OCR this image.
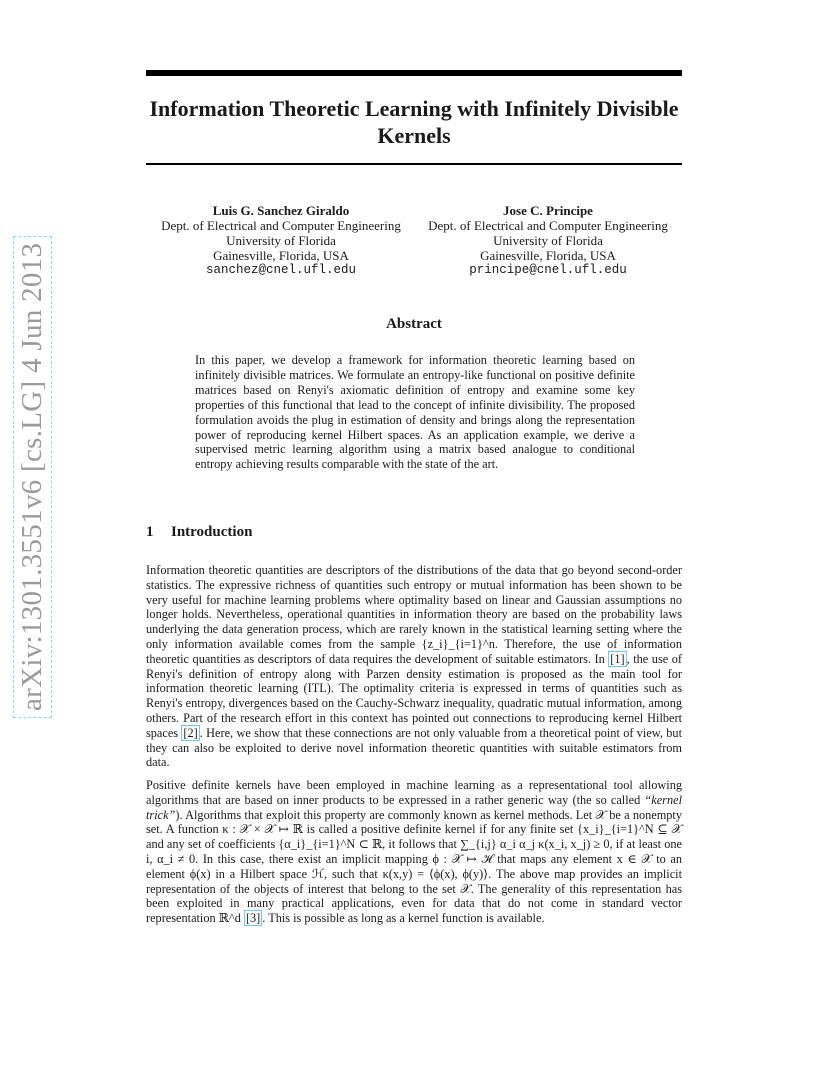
arXiv:1301.3551v6 [cs.LG] 4 Jun 2013
Information Theoretic Learning with Infinitely Divisible Kernels
Luis G. Sanchez Giraldo
Dept. of Electrical and Computer Engineering
University of Florida
Gainesville, Florida, USA
sanchez@cnel.ufl.edu
Jose C. Principe
Dept. of Electrical and Computer Engineering
University of Florida
Gainesville, Florida, USA
principe@cnel.ufl.edu
Abstract
In this paper, we develop a framework for information theoretic learning based on infinitely divisible matrices. We formulate an entropy-like functional on positive definite matrices based on Renyi's axiomatic definition of entropy and examine some key properties of this functional that lead to the concept of infinite divisibility. The proposed formulation avoids the plug in estimation of density and brings along the representation power of reproducing kernel Hilbert spaces. As an application example, we derive a supervised metric learning algorithm using a matrix based analogue to conditional entropy achieving results comparable with the state of the art.
1 Introduction
Information theoretic quantities are descriptors of the distributions of the data that go beyond second-order statistics. The expressive richness of quantities such entropy or mutual information has been shown to be very useful for machine learning problems where optimality based on linear and Gaussian assumptions no longer holds. Nevertheless, operational quantities in information theory are based on the probability laws underlying the data generation process, which are rarely known in the statistical learning setting where the only information available comes from the sample {z_i}_{i=1}^n. Therefore, the use of information theoretic quantities as descriptors of data requires the development of suitable estimators. In [1] , the use of Renyi's definition of entropy along with Parzen density estimation is proposed as the main tool for information theoretic learning (ITL). The optimality criteria is expressed in terms of quantities such as Renyi's entropy, divergences based on the Cauchy-Schwarz inequality, quadratic mutual information, among others. Part of the research effort in this context has pointed out connections to reproducing kernel Hilbert spaces [2] . Here, we show that these connections are not only valuable from a theoretical point of view, but they can also be exploited to derive novel information theoretic quantities with suitable estimators from data.
Positive definite kernels have been employed in machine learning as a representational tool allowing algorithms that are based on inner products to be expressed in a rather generic way (the so called “kernel trick”). Algorithms that exploit this property are commonly known as kernel methods. Let 𝒳 be a nonempty set. A function κ : 𝒳 × 𝒳 ↦ ℝ is called a positive definite kernel if for any finite set {x_i}_{i=1}^N ⊆ 𝒳 and any set of coefficients {α_i}_{i=1}^N ⊂ ℝ, it follows that ∑_{i,j} α_i α_j κ(x_i, x_j) ≥ 0, if at least one i, α_i ≠ 0. In this case, there exist an implicit mapping ϕ : 𝒳 ↦ ℋ that maps any element x ∈ 𝒳 to an element ϕ(x) in a Hilbert space ℋ, such that κ(x,y) = ⟨ϕ(x), ϕ(y)⟩. The above map provides an implicit representation of the objects of interest that belong to the set 𝒳. The generality of this representation has been exploited in many practical applications, even for data that do not come in standard vector representation ℝ^d [3] . This is possible as long as a kernel function is available.
